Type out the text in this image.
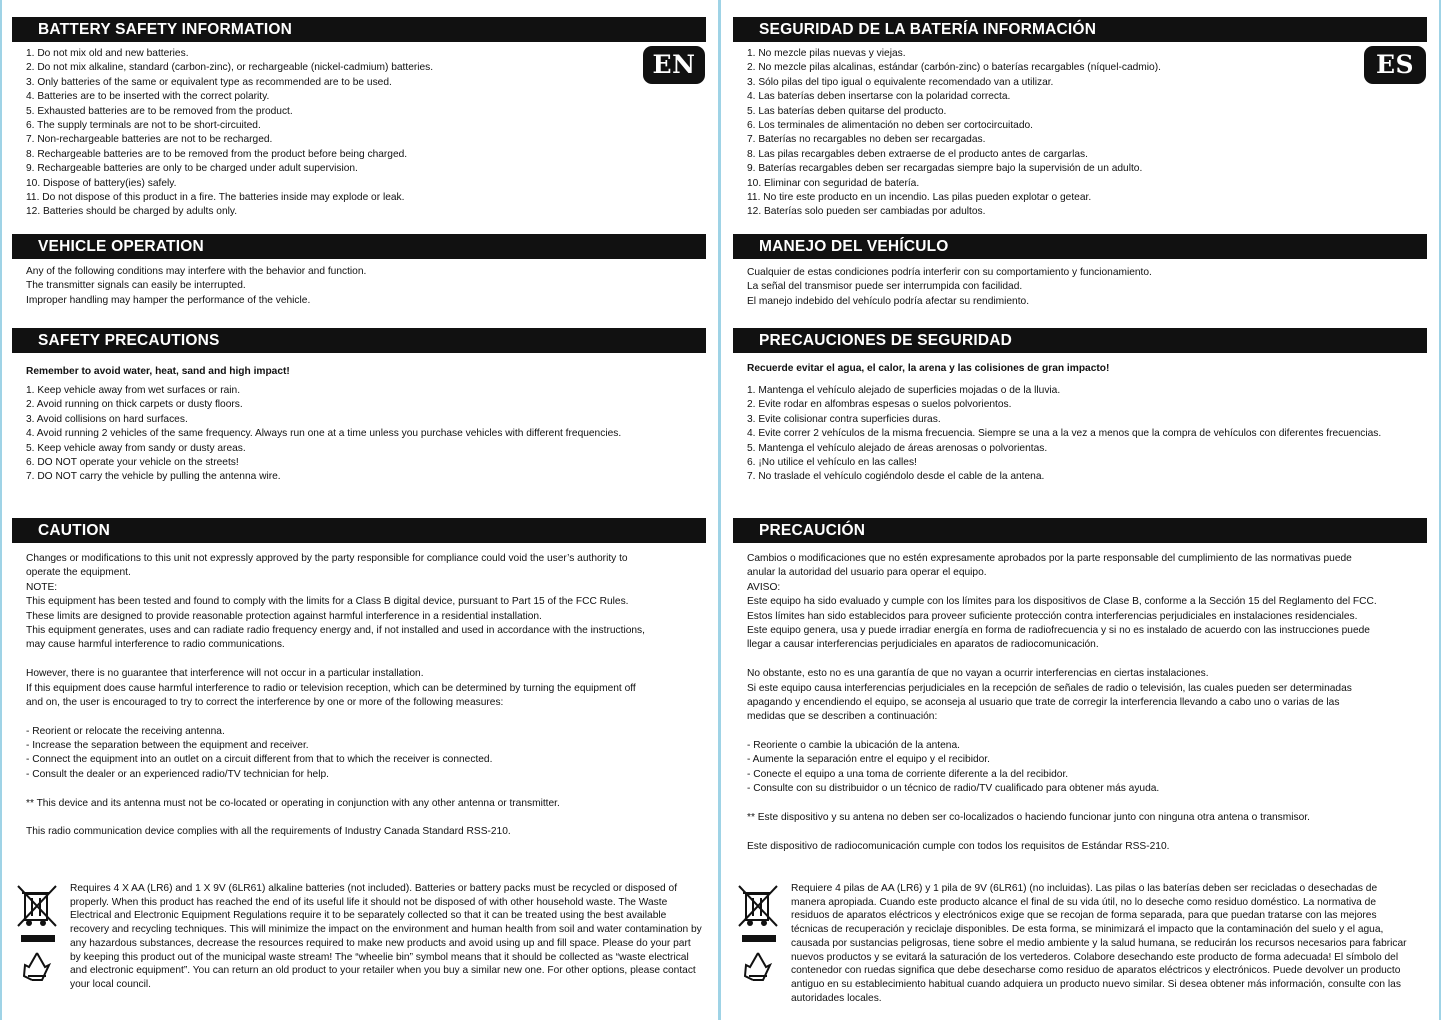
BATTERY SAFETY INFORMATION
EN
1. Do not mix old and new batteries.
2. Do not mix alkaline, standard (carbon-zinc), or rechargeable (nickel-cadmium) batteries.
3. Only batteries of the same or equivalent type as recommended are to be used.
4. Batteries are to be inserted with the correct polarity.
5. Exhausted batteries are to be removed from the product.
6. The supply terminals are not to be short-circuited.
7. Non-rechargeable batteries are not to be recharged.
8. Rechargeable batteries are to be removed from the product before being charged.
9. Rechargeable batteries are only to be charged under adult supervision.
10. Dispose of battery(ies) safely.
11. Do not dispose of this product in a fire. The batteries inside may explode or leak.
12. Batteries should be charged by adults only.
VEHICLE OPERATION
Any of the following conditions may interfere with the behavior and function.
The transmitter signals can easily be interrupted.
Improper handling may hamper the performance of the vehicle.
SAFETY PRECAUTIONS
Remember to avoid water, heat, sand and high impact!
1. Keep vehicle away from wet surfaces or rain.
2. Avoid running on thick carpets or dusty floors.
3. Avoid collisions on hard surfaces.
4. Avoid running 2 vehicles of the same frequency. Always run one at a time unless you purchase vehicles with different frequencies.
5. Keep vehicle away from sandy or dusty areas.
6. DO NOT operate your vehicle on the streets!
7. DO NOT carry the vehicle by pulling the antenna wire.
CAUTION
Changes or modifications to this unit not expressly approved by the party responsible for compliance could void the user’s authority to
operate the equipment.
NOTE:
This equipment has been tested and found to comply with the limits for a Class B digital device, pursuant to Part 15 of the FCC Rules.
These limits are designed to provide reasonable protection against harmful interference in a residential installation.
This equipment generates, uses and can radiate radio frequency energy and, if not installed and used in accordance with the instructions,
may cause harmful interference to radio communications.
However, there is no guarantee that interference will not occur in a particular installation.
If this equipment does cause harmful interference to radio or television reception, which can be determined by turning the equipment off
and on, the user is encouraged to try to correct the interference by one or more of the following measures:
- Reorient or relocate the receiving antenna.
- Increase the separation between the equipment and receiver.
- Connect the equipment into an outlet on a circuit different from that to which the receiver is connected.
- Consult the dealer or an experienced radio/TV technician for help.
** This device and its antenna must not be co-located or operating in conjunction with any other antenna or transmitter.
This radio communication device complies with all the requirements of Industry Canada Standard RSS-210.
Requires 4 X AA (LR6) and 1 X 9V (6LR61) alkaline batteries (not included). Batteries or battery packs must be recycled or disposed of properly. When this product has reached the end of its useful life it should not be disposed of with other household waste. The Waste Electrical and Electronic Equipment Regulations require it to be separately collected so that it can be treated using the best available recovery and recycling techniques. This will minimize the impact on the environment and human health from soil and water contamination by any hazardous substances, decrease the resources required to make new products and avoid using up and fill space. Please do your part by keeping this product out of the municipal waste stream! The “wheelie bin” symbol means that it should be collected as “waste electrical and electronic equipment”. You can return an old product to your retailer when you buy a similar new one. For other options, please contact your local council.
SEGURIDAD DE LA BATERÍA INFORMACIÓN
ES
1. No mezcle pilas nuevas y viejas.
2. No mezcle pilas alcalinas, estándar (carbón-zinc) o baterías recargables (níquel-cadmio).
3. Sólo pilas del tipo igual o equivalente recomendado van a utilizar.
4. Las baterías deben insertarse con la polaridad correcta.
5. Las baterías deben quitarse del producto.
6. Los terminales de alimentación no deben ser cortocircuitado.
7. Baterías no recargables no deben ser recargadas.
8. Las pilas recargables deben extraerse de el producto antes de cargarlas.
9. Baterías recargables deben ser recargadas siempre bajo la supervisión de un adulto.
10. Eliminar con seguridad de batería.
11. No tire este producto en un incendio. Las pilas pueden explotar o getear.
12. Baterías solo pueden ser cambiadas por adultos.
MANEJO DEL VEHÍCULO
Cualquier de estas condiciones podría interferir con su comportamiento y funcionamiento.
La señal del transmisor puede ser interrumpida con facilidad.
El manejo indebido del vehículo podría afectar su rendimiento.
PRECAUCIONES DE SEGURIDAD
Recuerde evitar el agua, el calor, la arena y las colisiones de gran impacto!
1. Mantenga el vehículo alejado de superficies mojadas o de la lluvia.
2. Evite rodar en alfombras espesas o suelos polvorientos.
3. Evite colisionar contra superficies duras.
4. Evite correr 2 vehículos de la misma frecuencia. Siempre se una a la vez a menos que la compra de vehículos con diferentes frecuencias.
5. Mantenga el vehículo alejado de áreas arenosas o polvorientas.
6. ¡No utilice el vehículo en las calles!
7. No traslade el vehículo cogiéndolo desde el cable de la antena.
PRECAUCIÓN
Cambios o modificaciones que no estén expresamente aprobados por la parte responsable del cumplimiento de las normativas puede
anular la autoridad del usuario para operar el equipo.
AVISO:
Este equipo ha sido evaluado y cumple con los límites para los dispositivos de Clase B, conforme a la Sección 15 del Reglamento del FCC.
Estos límites han sido establecidos para proveer suficiente protección contra interferencias perjudiciales en instalaciones residenciales.
Este equipo genera, usa y puede irradiar energía en forma de radiofrecuencia y si no es instalado de acuerdo con las instrucciones puede
llegar a causar interferencias perjudiciales en aparatos de radiocomunicación.
No obstante, esto no es una garantía de que no vayan a ocurrir interferencias en ciertas instalaciones.
Si este equipo causa interferencias perjudiciales en la recepción de señales de radio o televisión, las cuales pueden ser determinadas
apagando y encendiendo el equipo, se aconseja al usuario que trate de corregir la interferencia llevando a cabo uno o varias de las
medidas que se describen a continuación:
- Reoriente o cambie la ubicación de la antena.
- Aumente la separación entre el equipo y el recibidor.
- Conecte el equipo a una toma de corriente diferente a la del recibidor.
- Consulte con su distribuidor o un técnico de radio/TV cualificado para obtener más ayuda.
** Este dispositivo y su antena no deben ser co-localizados o haciendo funcionar junto con ninguna otra antena o transmisor.
Este dispositivo de radiocomunicación cumple con todos los requisitos de Estándar RSS-210.
Requiere 4 pilas de AA (LR6) y 1 pila de 9V (6LR61) (no incluidas). Las pilas o las baterías deben ser recicladas o desechadas de manera apropiada. Cuando este producto alcance el final de su vida útil, no lo deseche como residuo doméstico. La normativa de residuos de aparatos eléctricos y electrónicos exige que se recojan de forma separada, para que puedan tratarse con las mejores técnicas de recuperación y reciclaje disponibles. De esta forma, se minimizará el impacto que la contaminación del suelo y el agua, causada por sustancias peligrosas, tiene sobre el medio ambiente y la salud humana, se reducirán los recursos necesarios para fabricar nuevos productos y se evitará la saturación de los vertederos. Colabore desechando este producto de forma adecuada! El símbolo del contenedor con ruedas significa que debe desecharse como residuo de aparatos eléctricos y electrónicos. Puede devolver un producto antiguo en su establecimiento habitual cuando adquiera un producto nuevo similar. Si desea obtener más información, consulte con las autoridades locales.
